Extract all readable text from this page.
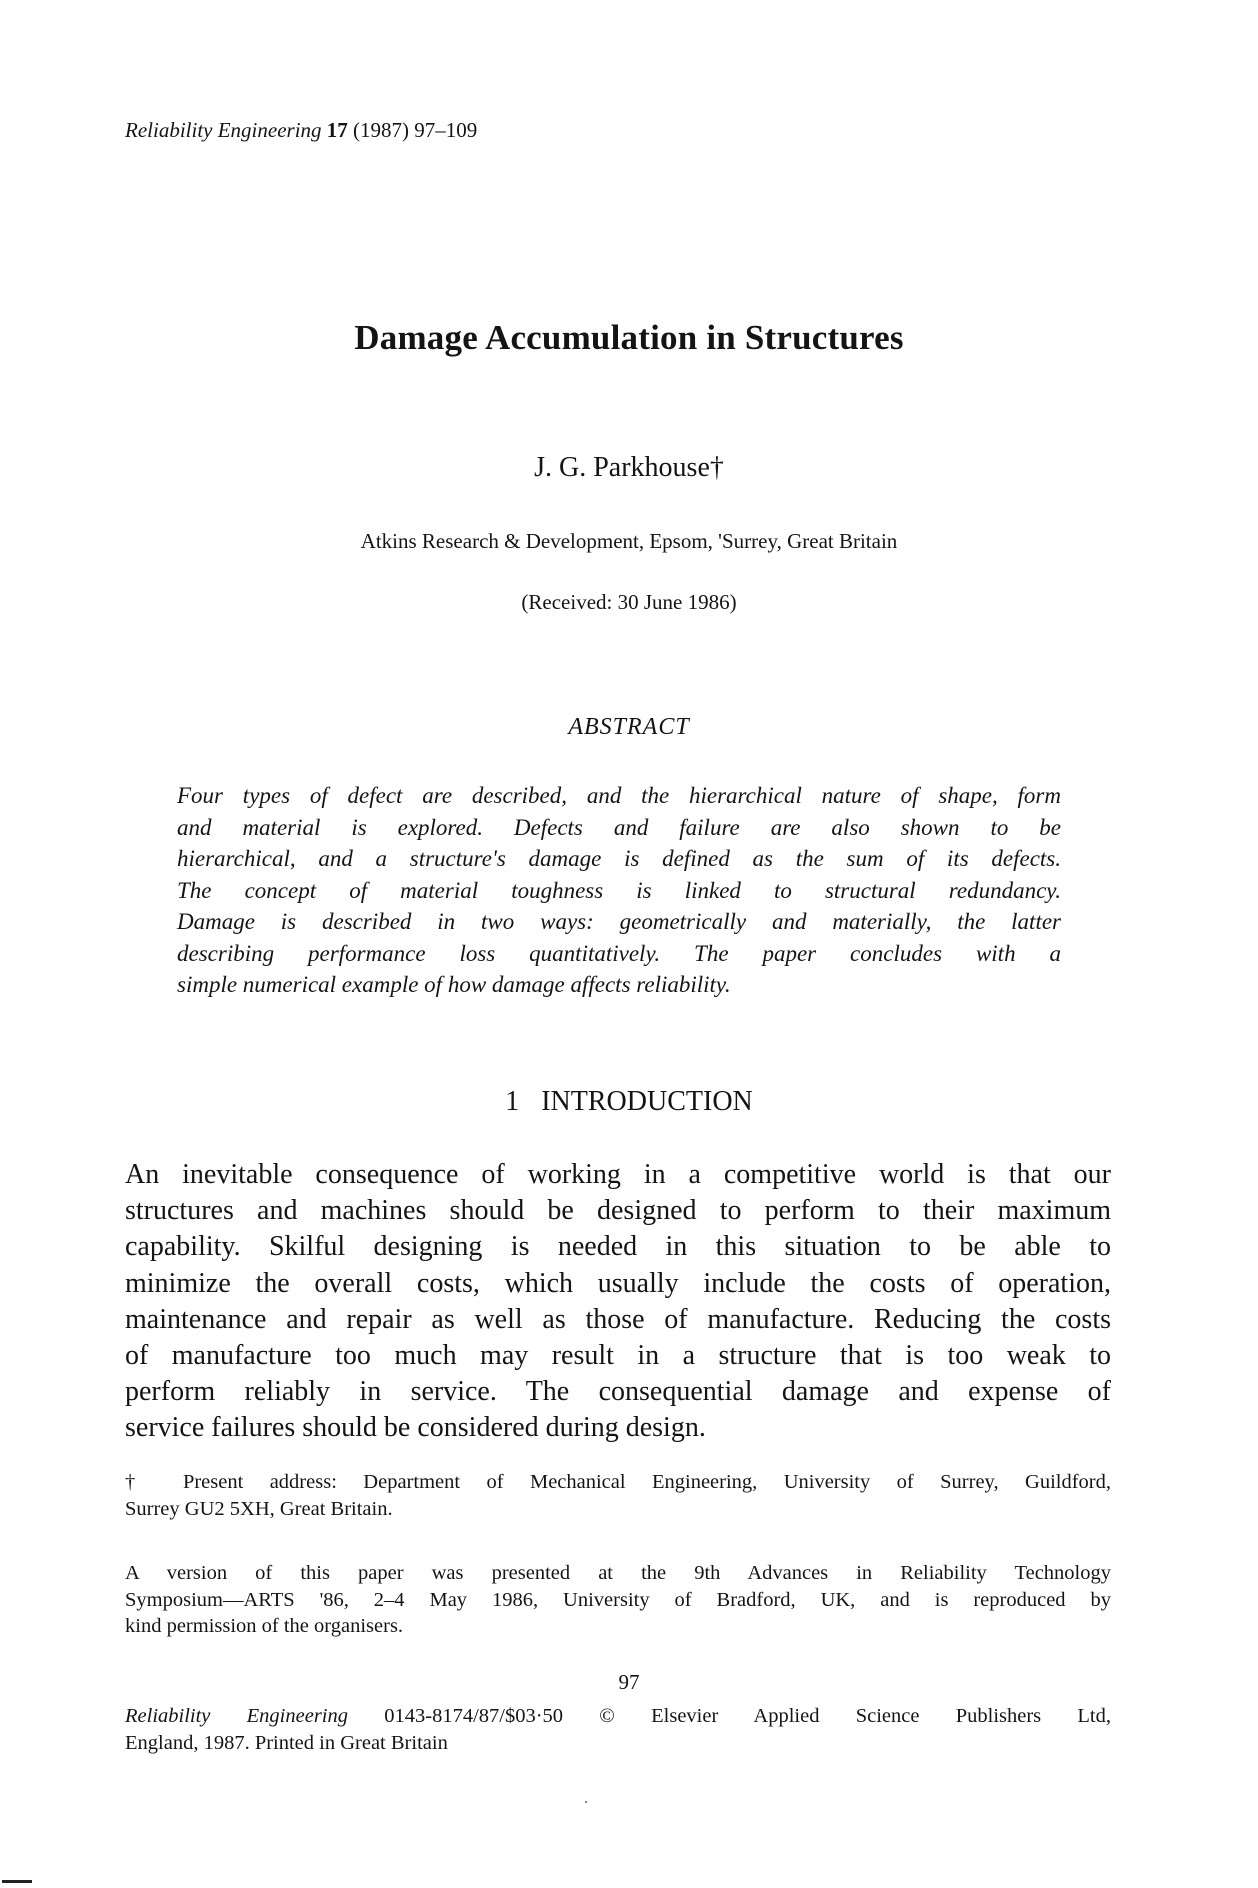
Reliability Engineering 17 (1987) 97–109
Damage Accumulation in Structures
J. G. Parkhouse†
Atkins Research & Development, Epsom, 'Surrey, Great Britain
(Received: 30 June 1986)
ABSTRACT
Four types of defect are described, and the hierarchical nature of shape, form
and material is explored. Defects and failure are also shown to be
hierarchical, and a structure's damage is defined as the sum of its defects.
The concept of material toughness is linked to structural redundancy.
Damage is described in two ways: geometrically and materially, the latter
describing performance loss quantitatively. The paper concludes with a
simple numerical example of how damage affects reliability.
1 INTRODUCTION
An inevitable consequence of working in a competitive world is that our
structures and machines should be designed to perform to their maximum
capability. Skilful designing is needed in this situation to be able to
minimize the overall costs, which usually include the costs of operation,
maintenance and repair as well as those of manufacture. Reducing the costs
of manufacture too much may result in a structure that is too weak to
perform reliably in service. The consequential damage and expense of
service failures should be considered during design.
† Present address: Department of Mechanical Engineering, University of Surrey, Guildford,
Surrey GU2 5XH, Great Britain.
A version of this paper was presented at the 9th Advances in Reliability Technology
Symposium—ARTS '86, 2–4 May 1986, University of Bradford, UK, and is reproduced by
kind permission of the organisers.
97
Reliability Engineering 0143-8174/87/$03·50 © Elsevier Applied Science Publishers Ltd,
England, 1987. Printed in Great Britain
